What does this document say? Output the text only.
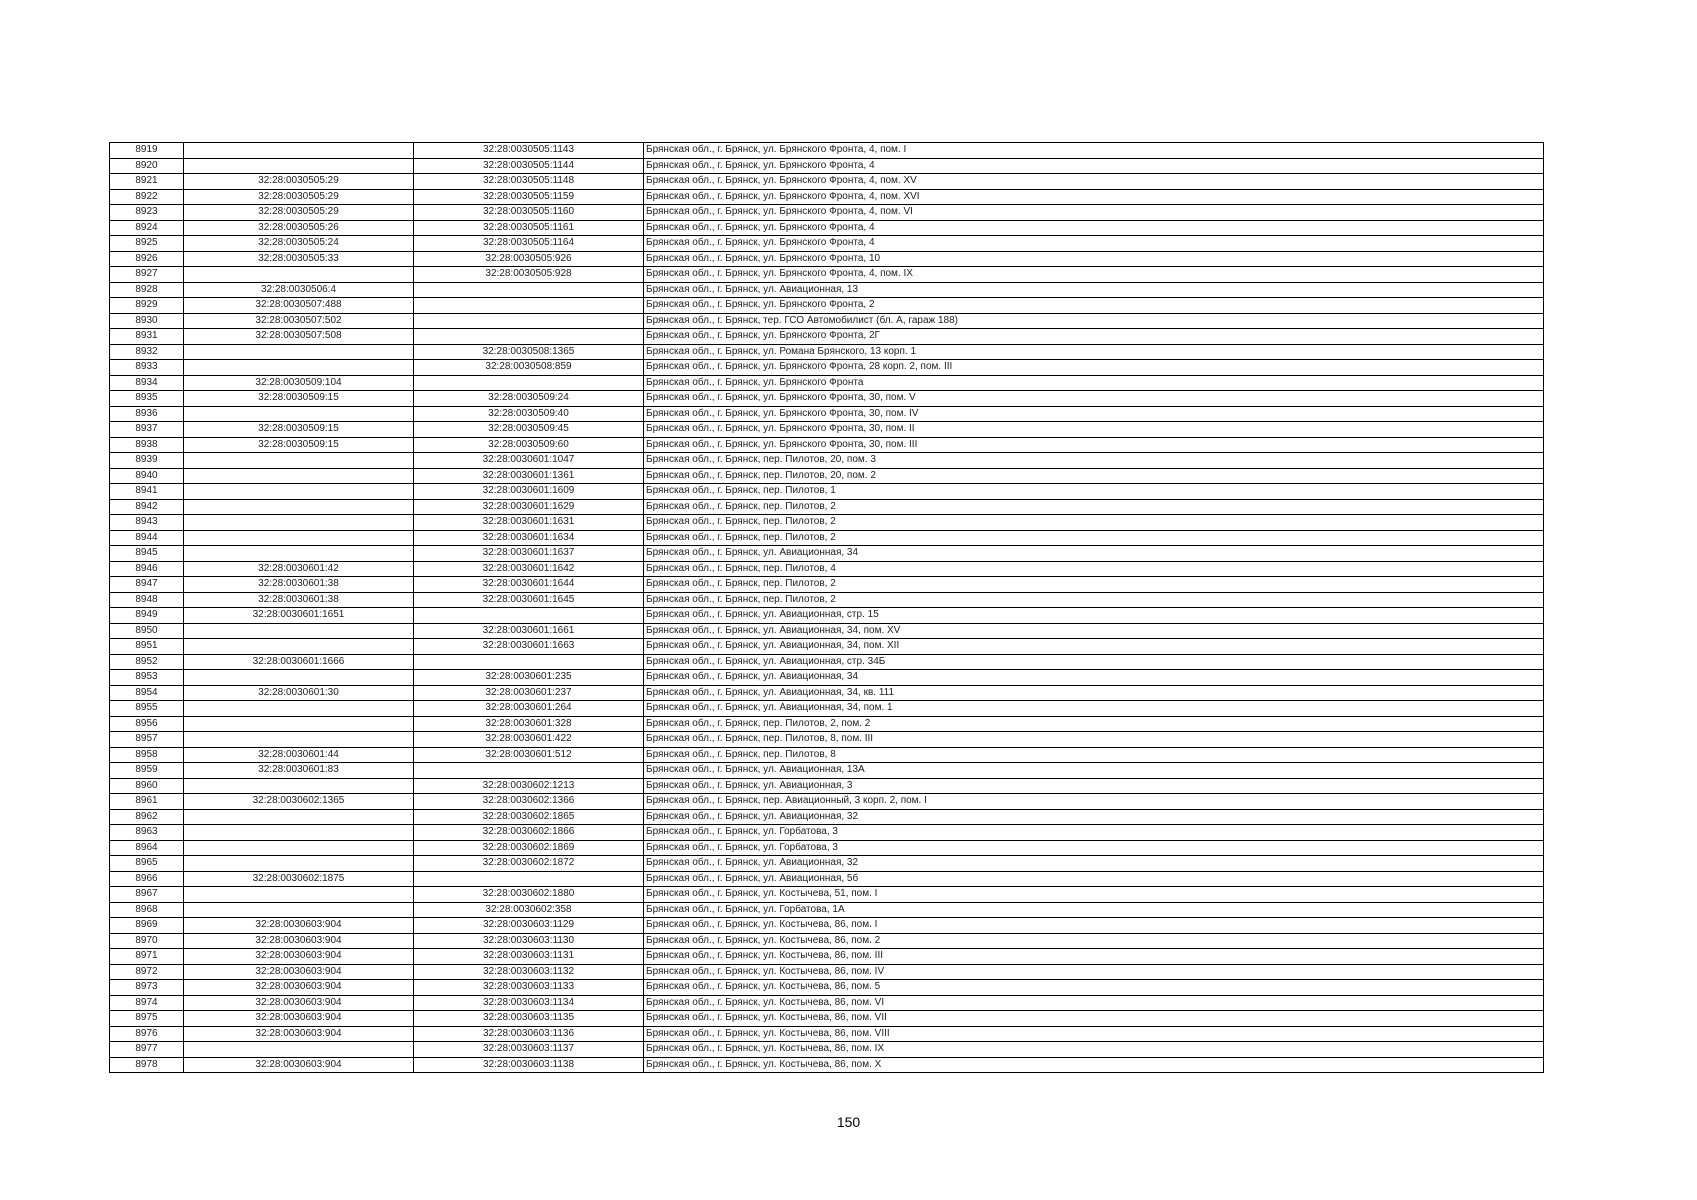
8919		32:28:0030505:1143	Брянская обл., г. Брянск, ул. Брянского Фронта, 4, пом. I
8920		32:28:0030505:1144	Брянская обл., г. Брянск, ул. Брянского Фронта, 4
8921	32:28:0030505:29	32:28:0030505:1148	Брянская обл., г. Брянск, ул. Брянского Фронта, 4, пом. XV
8922	32:28:0030505:29	32:28:0030505:1159	Брянская обл., г. Брянск, ул. Брянского Фронта, 4, пом. XVI
8923	32:28:0030505:29	32:28:0030505:1160	Брянская обл., г. Брянск, ул. Брянского Фронта, 4, пом. VI
8924	32:28:0030505:26	32:28:0030505:1161	Брянская обл., г. Брянск, ул. Брянского Фронта, 4
8925	32:28:0030505:24	32:28:0030505:1164	Брянская обл., г. Брянск, ул. Брянского Фронта, 4
8926	32:28:0030505:33	32:28:0030505:926	Брянская обл., г. Брянск, ул. Брянского Фронта, 10
8927		32:28:0030505:928	Брянская обл., г. Брянск, ул. Брянского Фронта, 4, пом. IX
8928	32:28:0030506:4		Брянская обл., г. Брянск, ул. Авиационная, 13
8929	32:28:0030507:488		Брянская обл., г. Брянск, ул. Брянского Фронта, 2
8930	32:28:0030507:502		Брянская обл., г. Брянск, тер. ГСО Автомобилист (бл. А, гараж 188)
8931	32:28:0030507:508		Брянская обл., г. Брянск, ул. Брянского Фронта, 2Г
8932		32:28:0030508:1365	Брянская обл., г. Брянск, ул. Романа Брянского, 13 корп. 1
8933		32:28:0030508:859	Брянская обл., г. Брянск, ул. Брянского Фронта, 28 корп. 2, пом. III
8934	32:28:0030509:104		Брянская обл., г. Брянск, ул. Брянского Фронта
8935	32:28:0030509:15	32:28:0030509:24	Брянская обл., г. Брянск, ул. Брянского Фронта, 30, пом. V
8936		32:28:0030509:40	Брянская обл., г. Брянск, ул. Брянского Фронта, 30, пом. IV
8937	32:28:0030509:15	32:28:0030509:45	Брянская обл., г. Брянск, ул. Брянского Фронта, 30, пом. II
8938	32:28:0030509:15	32:28:0030509:60	Брянская обл., г. Брянск, ул. Брянского Фронта, 30, пом. III
8939		32:28:0030601:1047	Брянская обл., г. Брянск, пер. Пилотов, 20, пом. 3
8940		32:28:0030601:1361	Брянская обл., г. Брянск, пер. Пилотов, 20, пом. 2
8941		32:28:0030601:1609	Брянская обл., г. Брянск, пер. Пилотов, 1
8942		32:28:0030601:1629	Брянская обл., г. Брянск, пер. Пилотов, 2
8943		32:28:0030601:1631	Брянская обл., г. Брянск, пер. Пилотов, 2
8944		32:28:0030601:1634	Брянская обл., г. Брянск, пер. Пилотов, 2
8945		32:28:0030601:1637	Брянская обл., г. Брянск, ул. Авиационная, 34
8946	32:28:0030601:42	32:28:0030601:1642	Брянская обл., г. Брянск, пер. Пилотов, 4
8947	32:28:0030601:38	32:28:0030601:1644	Брянская обл., г. Брянск, пер. Пилотов, 2
8948	32:28:0030601:38	32:28:0030601:1645	Брянская обл., г. Брянск, пер. Пилотов, 2
8949	32:28:0030601:1651		Брянская обл., г. Брянск, ул. Авиационная, стр. 15
8950		32:28:0030601:1661	Брянская обл., г. Брянск, ул. Авиационная, 34, пом. XV
8951		32:28:0030601:1663	Брянская обл., г. Брянск, ул. Авиационная, 34, пом. XII
8952	32:28:0030601:1666		Брянская обл., г. Брянск, ул. Авиационная, стр. 34Б
8953		32:28:0030601:235	Брянская обл., г. Брянск, ул. Авиационная, 34
8954	32:28:0030601:30	32:28:0030601:237	Брянская обл., г. Брянск, ул. Авиационная, 34, кв. 111
8955		32:28:0030601:264	Брянская обл., г. Брянск, ул. Авиационная, 34, пом. 1
8956		32:28:0030601:328	Брянская обл., г. Брянск, пер. Пилотов, 2, пом. 2
8957		32:28:0030601:422	Брянская обл., г. Брянск, пер. Пилотов, 8, пом. III
8958	32:28:0030601:44	32:28:0030601:512	Брянская обл., г. Брянск, пер. Пилотов, 8
8959	32:28:0030601:83		Брянская обл., г. Брянск, ул. Авиационная, 13А
8960		32:28:0030602:1213	Брянская обл., г. Брянск, ул. Авиационная, 3
8961	32:28:0030602:1365	32:28:0030602:1366	Брянская обл., г. Брянск, пер. Авиационный, 3 корп. 2, пом. I
8962		32:28:0030602:1865	Брянская обл., г. Брянск, ул. Авиационная, 32
8963		32:28:0030602:1866	Брянская обл., г. Брянск, ул. Горбатова, 3
8964		32:28:0030602:1869	Брянская обл., г. Брянск, ул. Горбатова, 3
8965		32:28:0030602:1872	Брянская обл., г. Брянск, ул. Авиационная, 32
8966	32:28:0030602:1875		Брянская обл., г. Брянск, ул. Авиационная, 5б
8967		32:28:0030602:1880	Брянская обл., г. Брянск, ул. Костычева, 51, пом. I
8968		32:28:0030602:358	Брянская обл., г. Брянск, ул. Горбатова, 1А
8969	32:28:0030603:904	32:28:0030603:1129	Брянская обл., г. Брянск, ул. Костычева, 86, пом. I
8970	32:28:0030603:904	32:28:0030603:1130	Брянская обл., г. Брянск, ул. Костычева, 86, пом. 2
8971	32:28:0030603:904	32:28:0030603:1131	Брянская обл., г. Брянск, ул. Костычева, 86, пом. III
8972	32:28:0030603:904	32:28:0030603:1132	Брянская обл., г. Брянск, ул. Костычева, 86, пом. IV
8973	32:28:0030603:904	32:28:0030603:1133	Брянская обл., г. Брянск, ул. Костычева, 86, пом. 5
8974	32:28:0030603:904	32:28:0030603:1134	Брянская обл., г. Брянск, ул. Костычева, 86, пом. VI
8975	32:28:0030603:904	32:28:0030603:1135	Брянская обл., г. Брянск, ул. Костычева, 86, пом. VII
8976	32:28:0030603:904	32:28:0030603:1136	Брянская обл., г. Брянск, ул. Костычева, 86, пом. VIII
8977		32:28:0030603:1137	Брянская обл., г. Брянск, ул. Костычева, 86, пом. IX
8978	32:28:0030603:904	32:28:0030603:1138	Брянская обл., г. Брянск, ул. Костычева, 86, пом. X
150
